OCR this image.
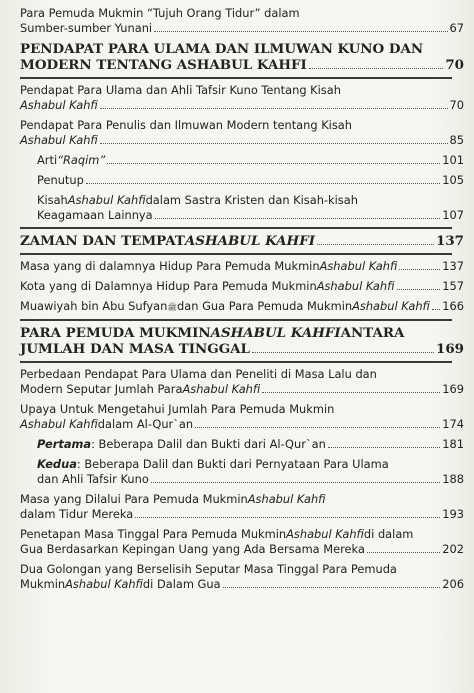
Para Pemuda Mukmin “Tujuh Orang Tidur” dalam
Sumber-sumber Yunani	67
PENDAPAT PARA ULAMA DAN ILMUWAN KUNO DAN
MODERN TENTANG ASHABUL KAHFI	70
Pendapat Para Ulama dan Ahli Tafsir Kuno Tentang Kisah
Ashabul Kahfi	70
Pendapat Para Penulis dan Ilmuwan Modern tentang Kisah
Ashabul Kahfi	85
Arti “Raqim”	101
Penutup	105
Kisah Ashabul Kahfi dalam Sastra Kristen dan Kisah-kisah
Keagamaan Lainnya	107
ZAMAN DAN TEMPAT ASHABUL KAHFI	137
Masa yang di dalamnya Hidup Para Pemuda Mukmin Ashabul Kahfi	137
Kota yang di Dalamnya Hidup Para Pemuda Mukmin Ashabul Kahfi	157
Muawiyah bin Abu Sufyan ﷺ dan Gua Para Pemuda Mukmin Ashabul Kahfi 166
PARA PEMUDA MUKMIN ASHABUL KAHFI ANTARA
JUMLAH DAN MASA TINGGAL	169
Perbedaan Pendapat Para Ulama dan Peneliti di Masa Lalu dan
Modern Seputar Jumlah Para Ashabul Kahfi	169
Upaya Untuk Mengetahui Jumlah Para Pemuda Mukmin
Ashabul Kahfi dalam Al-Qur`an	174
Pertama : Beberapa Dalil dan Bukti dari Al-Qur`an	181
Kedua : Beberapa Dalil dan Bukti dari Pernyataan Para Ulama
dan Ahli Tafsir Kuno	188
Masa yang Dilalui Para Pemuda Mukmin Ashabul Kahfi
dalam Tidur Mereka	193
Penetapan Masa Tinggal Para Pemuda Mukmin Ashabul Kahfi di dalam
Gua Berdasarkan Kepingan Uang yang Ada Bersama Mereka	202
Dua Golongan yang Berselisih Seputar Masa Tinggal Para Pemuda
Mukmin Ashabul Kahfi di Dalam Gua	206
